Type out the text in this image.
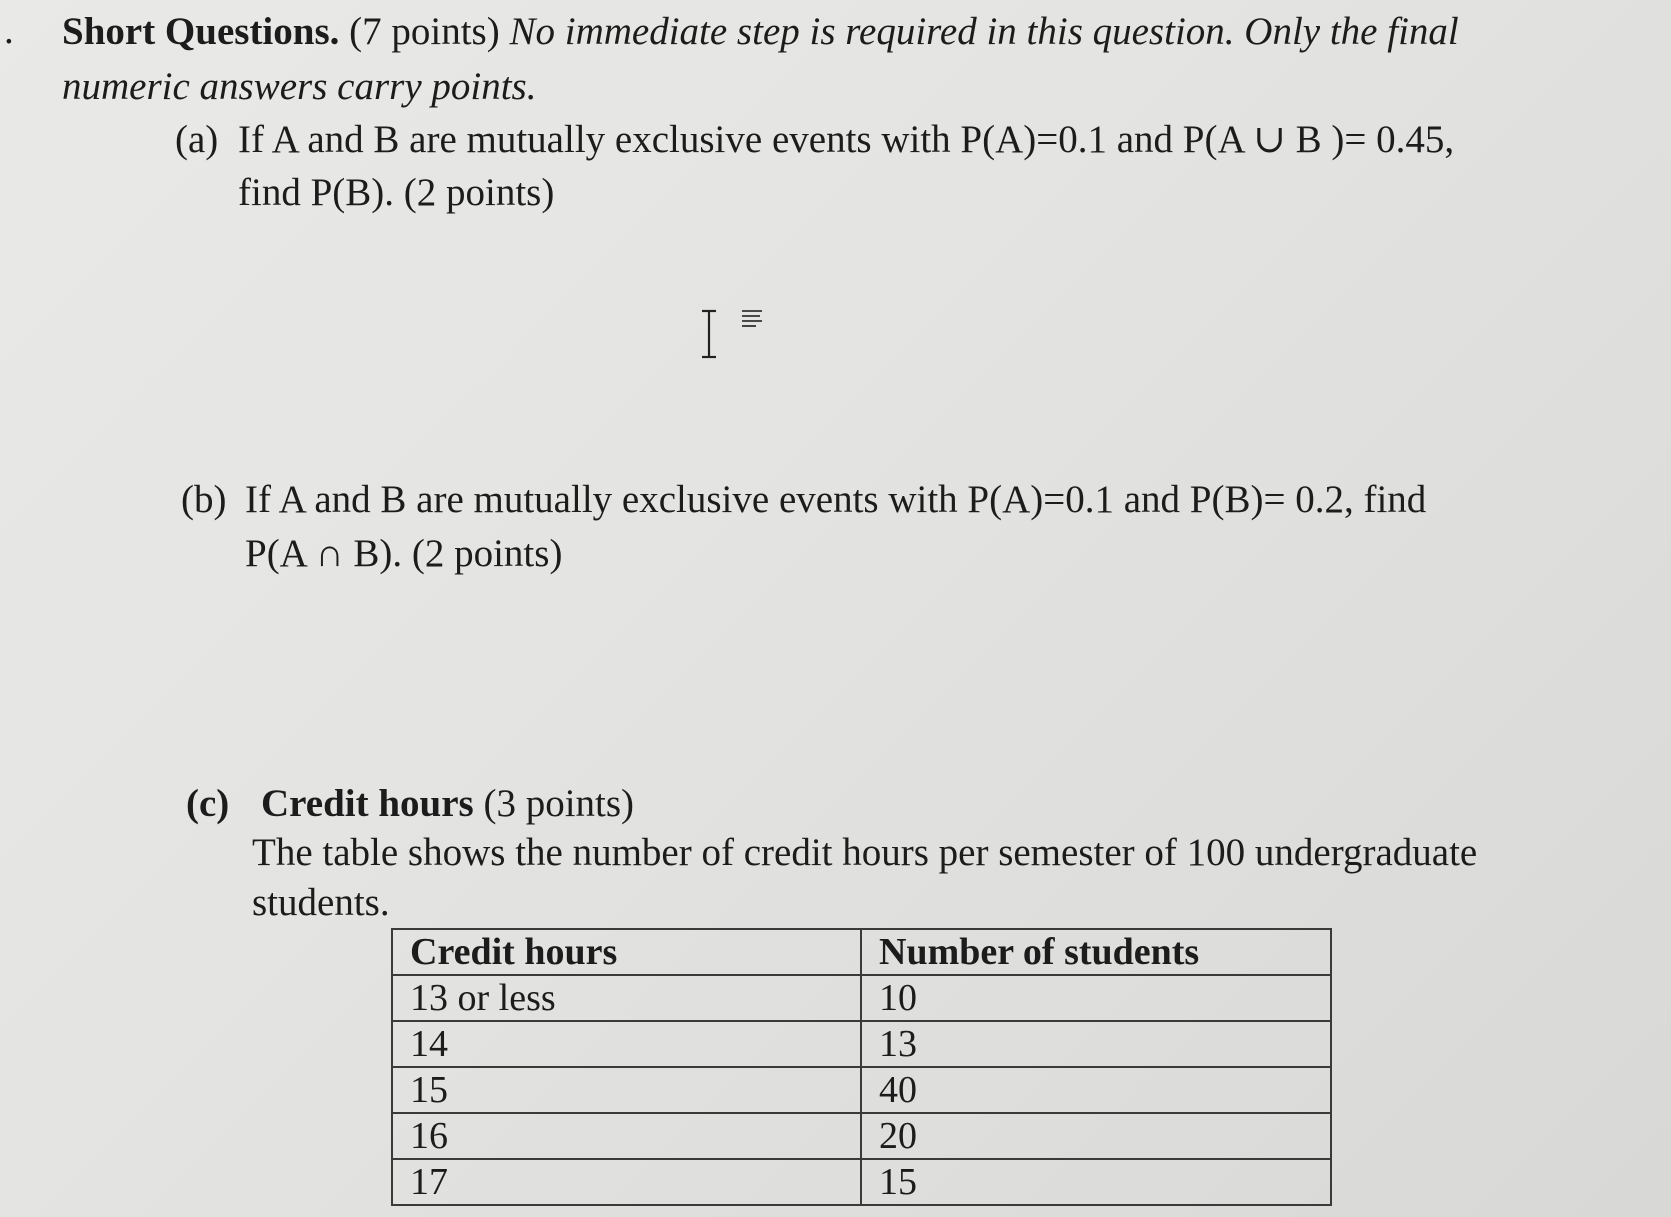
. Short Questions. (7 points) No immediate step is required in this question. Only the final
numeric answers carry points.
(a) If A and B are mutually exclusive events with P(A)=0.1 and P(A ∪ B )= 0.45,
find P(B). (2 points)
(b) If A and B are mutually exclusive events with P(A)=0.1 and P(B)= 0.2, find
P(A ∩ B). (2 points)
(c) Credit hours (3 points)
The table shows the number of credit hours per semester of 100 undergraduate
students.
Credit hours	Number of students
13 or less	10
14	13
15	40
16	20
17	15
